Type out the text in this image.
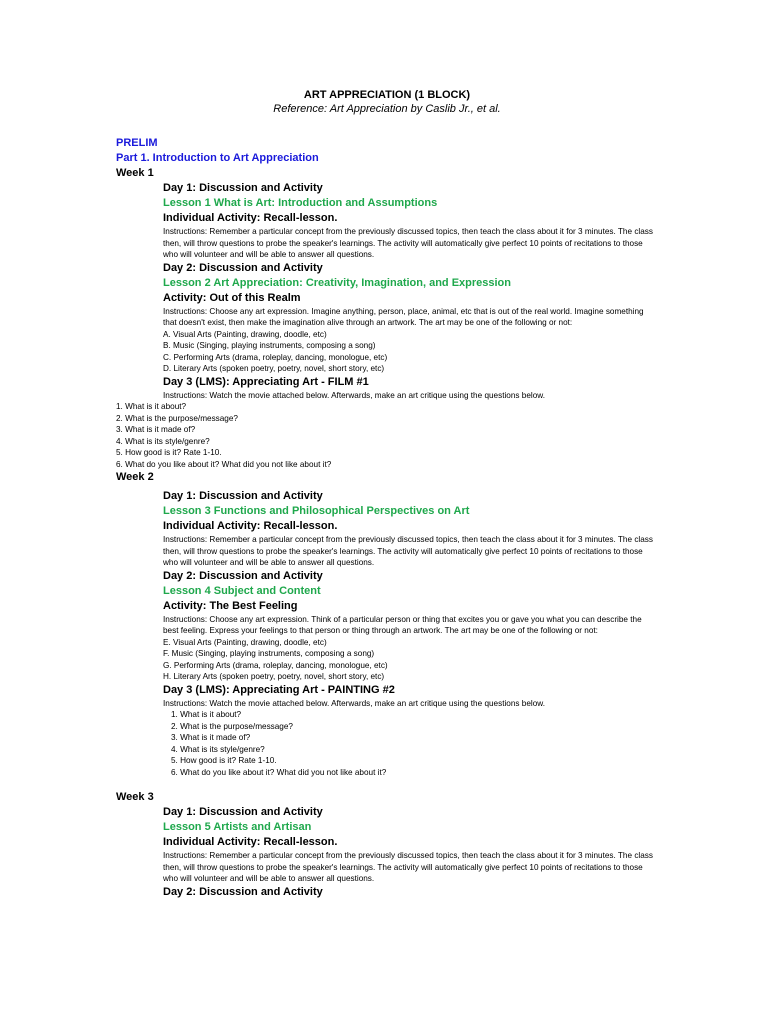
ART APPRECIATION (1 BLOCK)
Reference: Art Appreciation by Caslib Jr., et al.
PRELIM
Part 1. Introduction to Art Appreciation
Week 1
Day 1: Discussion and Activity
Lesson 1 What is Art: Introduction and Assumptions
Individual Activity: Recall-lesson.

Instructions: Remember a particular concept from the previously discussed topics, then teach the class about it for 3 minutes. The class then, will throw questions to probe the speaker's learnings. The activity will automatically give perfect 10 points of recitations to those who will volunteer and will be able to answer all questions.

Day 2: Discussion and Activity
Lesson 2 Art Appreciation: Creativity, Imagination, and Expression
Activity: Out of this Realm

Instructions: Choose any art expression. Imagine anything, person, place, animal, etc that is out of the real world. Imagine something that doesn't exist, then make the imagination alive through an artwork. The art may be one of the following or not:

A. Visual Arts (Painting, drawing, doodle, etc)
B. Music (Singing, playing instruments, composing a song)
C. Performing Arts (drama, roleplay, dancing, monologue, etc)
D. Literary Arts (spoken poetry, poetry, novel, short story, etc)
Day 3 (LMS): Appreciating Art - FILM #1

Instructions: Watch the movie attached below. Afterwards, make an art critique using the questions below.

1. What is it about?
2. What is the purpose/message?
3. What is it made of?
4. What is its style/genre?
5. How good is it? Rate 1-10.
6. What do you like about it? What did you not like about it?
Week 2
Day 1: Discussion and Activity
Lesson 3 Functions and Philosophical Perspectives on Art
Individual Activity: Recall-lesson.

Instructions: Remember a particular concept from the previously discussed topics, then teach the class about it for 3 minutes. The class then, will throw questions to probe the speaker's learnings. The activity will automatically give perfect 10 points of recitations to those who will volunteer and will be able to answer all questions.

Day 2: Discussion and Activity
Lesson 4 Subject and Content
Activity: The Best Feeling

Instructions: Choose any art expression. Think of a particular person or thing that excites you or gave you what you can describe the best feeling. Express your feelings to that person or thing through an artwork. The art may be one of the following or not:

E. Visual Arts (Painting, drawing, doodle, etc)
F. Music (Singing, playing instruments, composing a song)
G. Performing Arts (drama, roleplay, dancing, monologue, etc)
H. Literary Arts (spoken poetry, poetry, novel, short story, etc)
Day 3 (LMS): Appreciating Art - PAINTING #2

Instructions: Watch the movie attached below. Afterwards, make an art critique using the questions below.

1. What is it about?
2. What is the purpose/message?
3. What is it made of?
4. What is its style/genre?
5. How good is it? Rate 1-10.
6. What do you like about it? What did you not like about it?
Week 3
Day 1: Discussion and Activity
Lesson 5 Artists and Artisan
Individual Activity: Recall-lesson.

Instructions: Remember a particular concept from the previously discussed topics, then teach the class about it for 3 minutes. The class then, will throw questions to probe the speaker's learnings. The activity will automatically give perfect 10 points of recitations to those who will volunteer and will be able to answer all questions.

Day 2: Discussion and Activity
